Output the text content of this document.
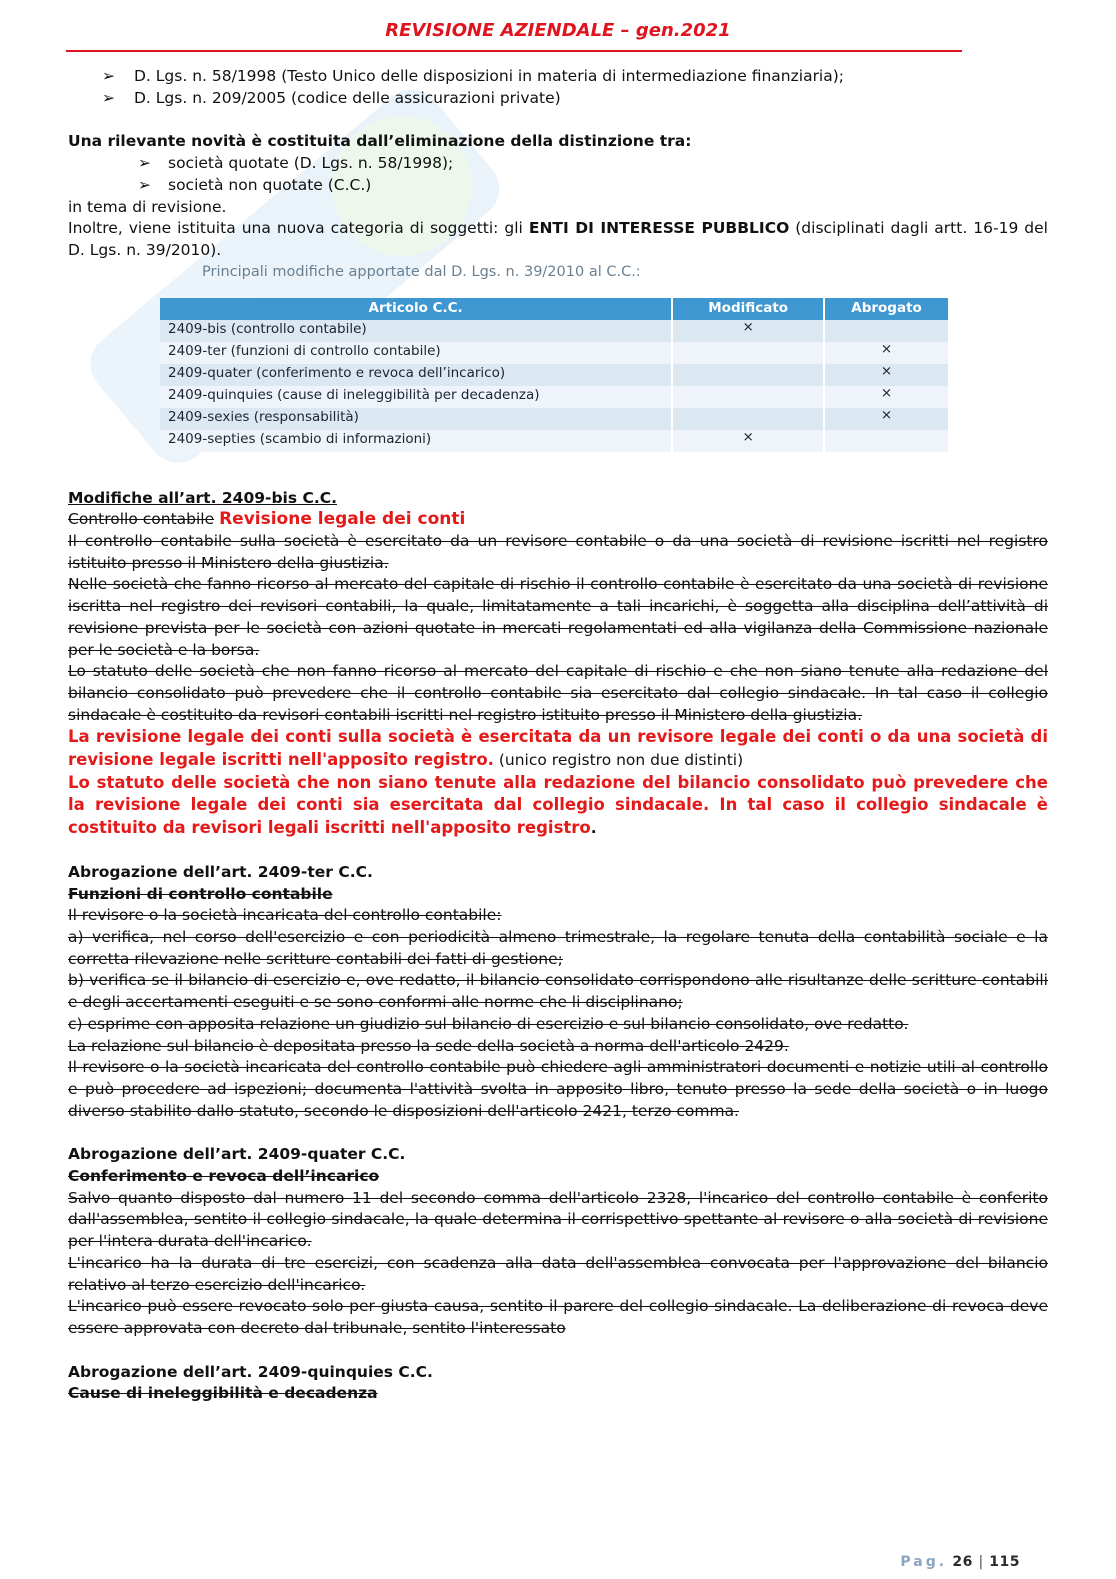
REVISIONE AZIENDALE – gen.2021
➢ D. Lgs. n. 58/1998 (Testo Unico delle disposizioni in materia di intermediazione finanziaria);
➢ D. Lgs. n. 209/2005 (codice delle assicurazioni private)

Una rilevante novità è costituita dall’eliminazione della distinzione tra:

➢ società quotate (D. Lgs. n. 58/1998);
➢ società non quotate (C.C.)

in tema di revisione.

Inoltre, viene istituita una nuova categoria di soggetti: gli ENTI DI INTERESSE PUBBLICO (disciplinati dagli artt. 16-19 del D. Lgs. n. 39/2010).

Principali modifiche apportate dal D. Lgs. n. 39/2010 al C.C.:
Articolo C.C.	Modificato	Abrogato
2409-bis (controllo contabile)	×	
2409-ter (funzioni di controllo contabile)		×
2409-quater (conferimento e revoca dell’incarico)		×
2409-quinquies (cause di ineleggibilità per decadenza)		×
2409-sexies (responsabilità)		×
2409-septies (scambio di informazioni)	×	

Modifiche all’art. 2409-bis C.C.

Controllo contabile Revisione legale dei conti

Il controllo contabile sulla società è esercitato da un revisore contabile o da una società di revisione iscritti nel registro istituito presso il Ministero della giustizia.

Nelle società che fanno ricorso al mercato del capitale di rischio il controllo contabile è esercitato da una società di revisione iscritta nel registro dei revisori contabili, la quale, limitatamente a tali incarichi, è soggetta alla disciplina dell’attività di revisione prevista per le società con azioni quotate in mercati regolamentati ed alla vigilanza della Commissione nazionale per le società e la borsa.

Lo statuto delle società che non fanno ricorso al mercato del capitale di rischio e che non siano tenute alla redazione del bilancio consolidato può prevedere che il controllo contabile sia esercitato dal collegio sindacale. In tal caso il collegio sindacale è costituito da revisori contabili iscritti nel registro istituito presso il Ministero della giustizia.

La revisione legale dei conti sulla società è esercitata da un revisore legale dei conti o da una società di revisione legale iscritti nell'apposito registro. (unico registro non due distinti)

Lo statuto delle società che non siano tenute alla redazione del bilancio consolidato può prevedere che la revisione legale dei conti sia esercitata dal collegio sindacale. In tal caso il collegio sindacale è costituito da revisori legali iscritti nell'apposito registro.

Abrogazione dell’art. 2409-ter C.C.

Funzioni di controllo contabile

Il revisore o la società incaricata del controllo contabile:

a) verifica, nel corso dell'esercizio e con periodicità almeno trimestrale, la regolare tenuta della contabilità sociale e la corretta rilevazione nelle scritture contabili dei fatti di gestione;

b) verifica se il bilancio di esercizio e, ove redatto, il bilancio consolidato corrispondono alle risultanze delle scritture contabili e degli accertamenti eseguiti e se sono conformi alle norme che li disciplinano;

c) esprime con apposita relazione un giudizio sul bilancio di esercizio e sul bilancio consolidato, ove redatto.

La relazione sul bilancio è depositata presso la sede della società a norma dell'articolo 2429.

Il revisore o la società incaricata del controllo contabile può chiedere agli amministratori documenti e notizie utili al controllo e può procedere ad ispezioni; documenta l'attività svolta in apposito libro, tenuto presso la sede della società o in luogo diverso stabilito dallo statuto, secondo le disposizioni dell'articolo 2421, terzo comma.

Abrogazione dell’art. 2409-quater C.C.

Conferimento e revoca dell’incarico

Salvo quanto disposto dal numero 11 del secondo comma dell'articolo 2328, l'incarico del controllo contabile è conferito dall'assemblea, sentito il collegio sindacale, la quale determina il corrispettivo spettante al revisore o alla società di revisione per l'intera durata dell'incarico.

L'incarico ha la durata di tre esercizi, con scadenza alla data dell'assemblea convocata per l'approvazione del bilancio relativo al terzo esercizio dell'incarico.

L'incarico può essere revocato solo per giusta causa, sentito il parere del collegio sindacale. La deliberazione di revoca deve essere approvata con decreto dal tribunale, sentito l'interessato

Abrogazione dell’art. 2409-quinquies C.C.

Cause di ineleggibilità e decadenza

Pag. 26 | 115
